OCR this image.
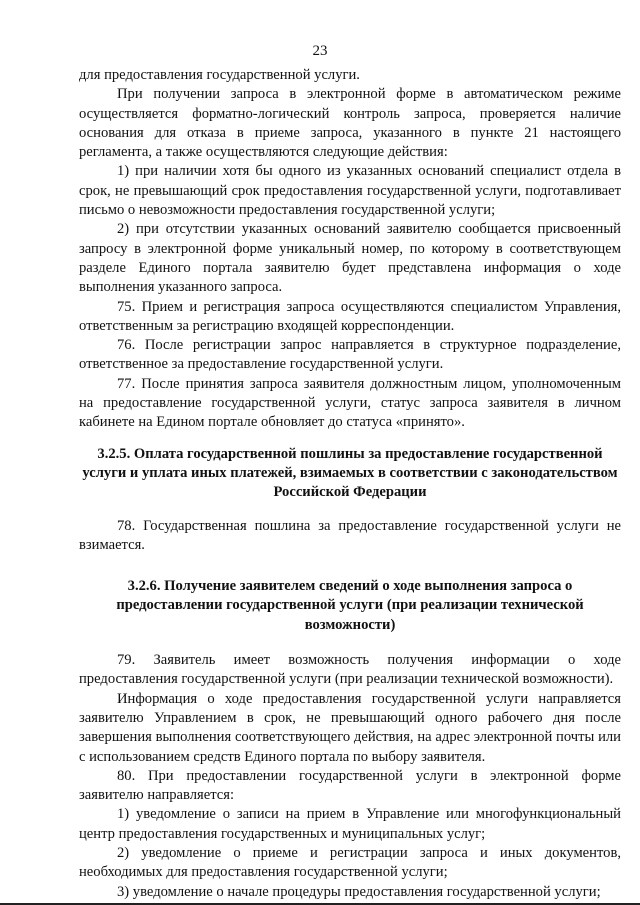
23

для предоставления государственной услуги.

При получении запроса в электронной форме в автоматическом режиме осуществляется форматно-логический контроль запроса, проверяется наличие основания для отказа в приеме запроса, указанного в пункте 21 настоящего регламента, а также осуществляются следующие действия:

1) при наличии хотя бы одного из указанных оснований специалист отдела в срок, не превышающий срок предоставления государственной услуги, подготавливает письмо о невозможности предоставления государственной услуги;

2) при отсутствии указанных оснований заявителю сообщается присвоенный запросу в электронной форме уникальный номер, по которому в соответствующем разделе Единого портала заявителю будет представлена информация о ходе выполнения указанного запроса.

75. Прием и регистрация запроса осуществляются специалистом Управления, ответственным за регистрацию входящей корреспонденции.

76. После регистрации запрос направляется в структурное подразделение, ответственное за предоставление государственной услуги.

77. После принятия запроса заявителя должностным лицом, уполномоченным на предоставление государственной услуги, статус запроса заявителя в личном кабинете на Едином портале обновляет до статуса «принято».

3.2.5. Оплата государственной пошлины за предоставление государственной услуги и уплата иных платежей, взимаемых в соответствии с законодательством Российской Федерации

78. Государственная пошлина за предоставление государственной услуги не взимается.

3.2.6. Получение заявителем сведений о ходе выполнения запроса о предоставлении государственной услуги (при реализации технической возможности)

79. Заявитель имеет возможность получения информации о ходе предоставления государственной услуги (при реализации технической возможности).

Информация о ходе предоставления государственной услуги направляется заявителю Управлением в срок, не превышающий одного рабочего дня после завершения выполнения соответствующего действия, на адрес электронной почты или с использованием средств Единого портала по выбору заявителя.

80. При предоставлении государственной услуги в электронной форме заявителю направляется:

1) уведомление о записи на прием в Управление или многофункциональный центр предоставления государственных и муниципальных услуг;

2) уведомление о приеме и регистрации запроса и иных документов, необходимых для предоставления государственной услуги;

3) уведомление о начале процедуры предоставления государственной услуги;
